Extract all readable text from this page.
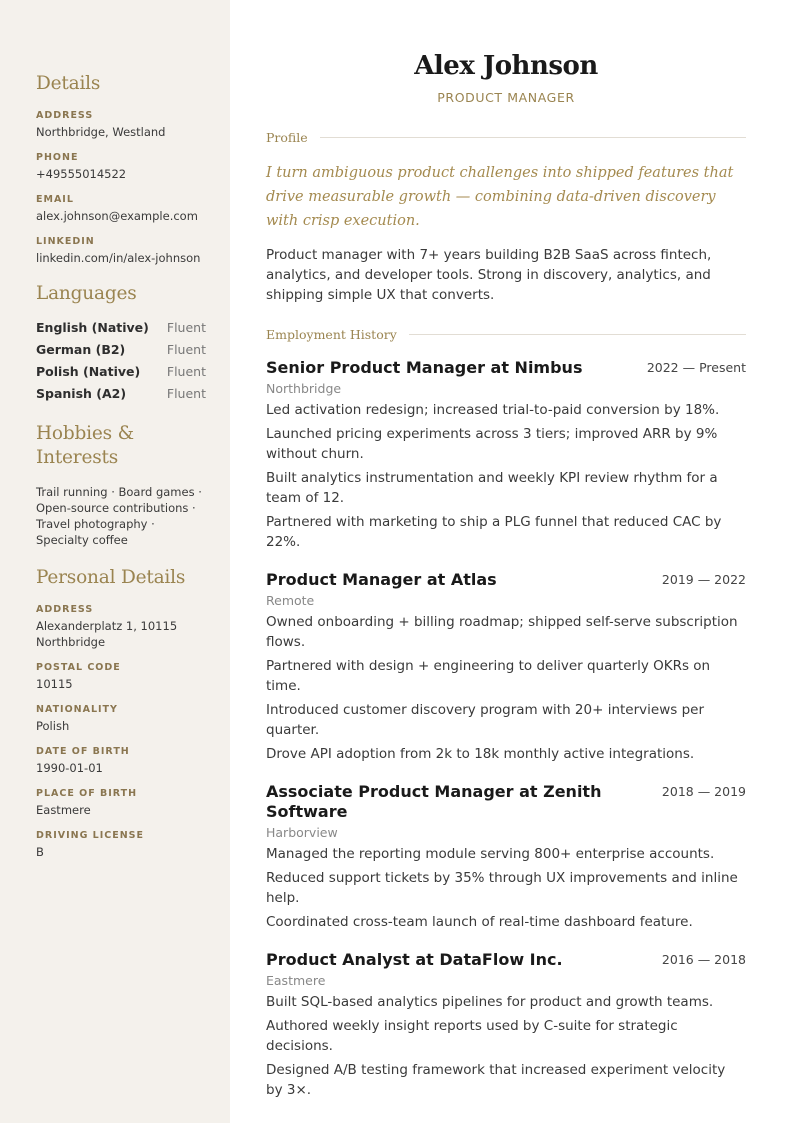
Details
ADDRESS
Northbridge, Westland
PHONE
+49555014522
EMAIL
alex.johnson@example.com
LINKEDIN
linkedin.com/in/alex-johnson
Languages
English (Native) Fluent
German (B2)	Fluent
Polish (Native) Fluent
Spanish (A2)	Fluent
Hobbies & Interests

Trail running · Board games · Open-source contributions · Travel photography · Specialty coffee

Personal Details
ADDRESS
Alexanderplatz 1, 10115 Northbridge
POSTAL CODE
10115
NATIONALITY
Polish
DATE OF BIRTH
1990-01-01
PLACE OF BIRTH
Eastmere
DRIVING LICENSE
B
Alex Johnson
PRODUCT MANAGER
Profile

I turn ambiguous product challenges into shipped features that drive measurable growth — combining data-driven discovery with crisp execution.

Product manager with 7+ years building B2B SaaS across fintech, analytics, and developer tools. Strong in discovery, analytics, and shipping simple UX that converts.

Employment History
Senior Product Manager at Nimbus	2022 — Present
Northbridge
Led activation redesign; increased trial-to-paid conversion by 18%.
Launched pricing experiments across 3 tiers; improved ARR by 9% without churn.
Built analytics instrumentation and weekly KPI review rhythm for a team of 12.
Partnered with marketing to ship a PLG funnel that reduced CAC by 22%.
Product Manager at Atlas	2019 — 2022
Remote
Owned onboarding + billing roadmap; shipped self-serve subscription flows.
Partnered with design + engineering to deliver quarterly OKRs on time.
Introduced customer discovery program with 20+ interviews per quarter.
Drove API adoption from 2k to 18k monthly active integrations.
Associate Product Manager at Zenith Software
2018 — 2019
Harborview
Managed the reporting module serving 800+ enterprise accounts.
Reduced support tickets by 35% through UX improvements and inline help.
Coordinated cross-team launch of real-time dashboard feature.
Product Analyst at DataFlow Inc.	2016 — 2018
Eastmere
Built SQL-based analytics pipelines for product and growth teams.
Authored weekly insight reports used by C-suite for strategic decisions.
Designed A/B testing framework that increased experiment velocity by 3×.
